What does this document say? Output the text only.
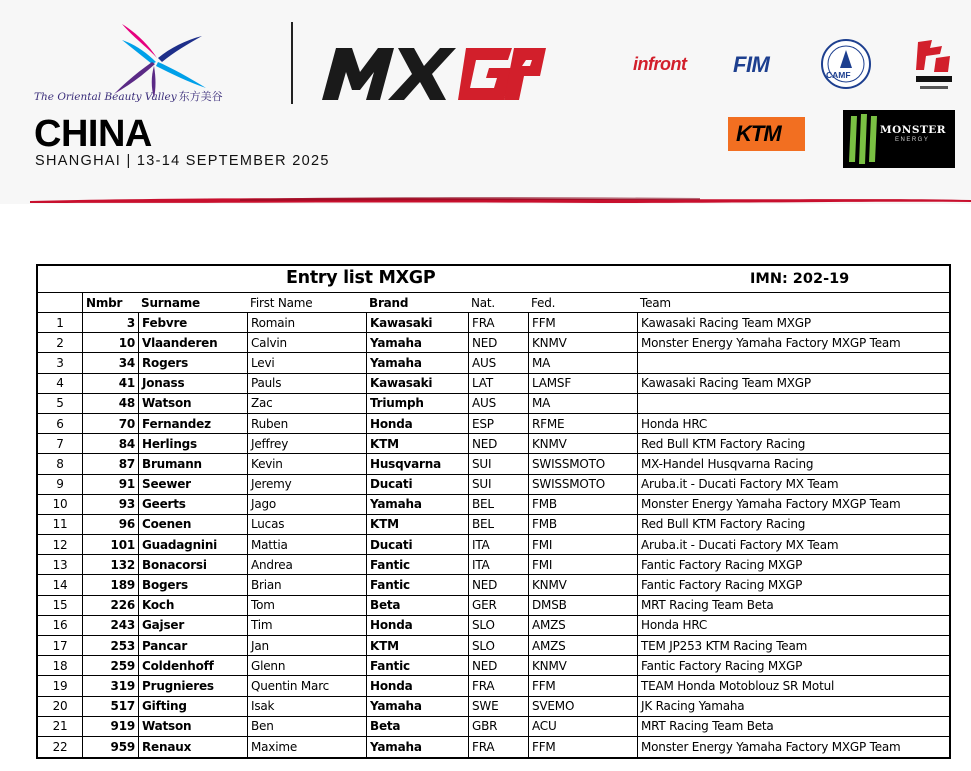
The Oriental Beauty Valley 东方美谷
CHINA
SHANGHAI | 13-14 SEPTEMBER 2025
infront FIM	CAMF
KTM	MONSTER
ENERGY
Entry list MXGP	IMN: 202-19
Nmbr	Surname	First Name	Brand	Nat.	Fed.	Team
1	3 Febvre	Romain	Kawasaki	FRA	FFM	Kawasaki Racing Team MXGP
2	10 Vlaanderen	Calvin	Yamaha	NED	KNMV	Monster Energy Yamaha Factory MXGP Team
3	34 Rogers	Levi	Yamaha	AUS	MA
4	41 Jonass	Pauls	Kawasaki	LAT	LAMSF	Kawasaki Racing Team MXGP
5	48 Watson	Zac	Triumph	AUS	MA
6	70 Fernandez	Ruben	Honda	ESP	RFME	Honda HRC
7	84 Herlings	Jeffrey	KTM	NED	KNMV	Red Bull KTM Factory Racing
8	87 Brumann	Kevin	Husqvarna	SUI	SWISSMOTO	MX-Handel Husqvarna Racing
9	91 Seewer	Jeremy	Ducati	SUI	SWISSMOTO	Aruba.it - Ducati Factory MX Team
10	93 Geerts	Jago	Yamaha	BEL	FMB	Monster Energy Yamaha Factory MXGP Team
11	96 Coenen	Lucas	KTM	BEL	FMB	Red Bull KTM Factory Racing
12	101 Guadagnini	Mattia	Ducati	ITA	FMI	Aruba.it - Ducati Factory MX Team
13	132 Bonacorsi	Andrea	Fantic	ITA	FMI	Fantic Factory Racing MXGP
14	189 Bogers	Brian	Fantic	NED	KNMV	Fantic Factory Racing MXGP
15	226 Koch	Tom	Beta	GER	DMSB	MRT Racing Team Beta
16	243 Gajser	Tim	Honda	SLO	AMZS	Honda HRC
17	253 Pancar	Jan	KTM	SLO	AMZS	TEM JP253 KTM Racing Team
18	259 Coldenhoff	Glenn	Fantic	NED	KNMV	Fantic Factory Racing MXGP
19	319 Prugnieres	Quentin Marc	Honda	FRA	FFM	TEAM Honda Motoblouz SR Motul
20	517 Gifting	Isak	Yamaha	SWE	SVEMO	JK Racing Yamaha
21	919 Watson	Ben	Beta	GBR	ACU	MRT Racing Team Beta
22	959 Renaux	Maxime	Yamaha	FRA	FFM	Monster Energy Yamaha Factory MXGP Team
